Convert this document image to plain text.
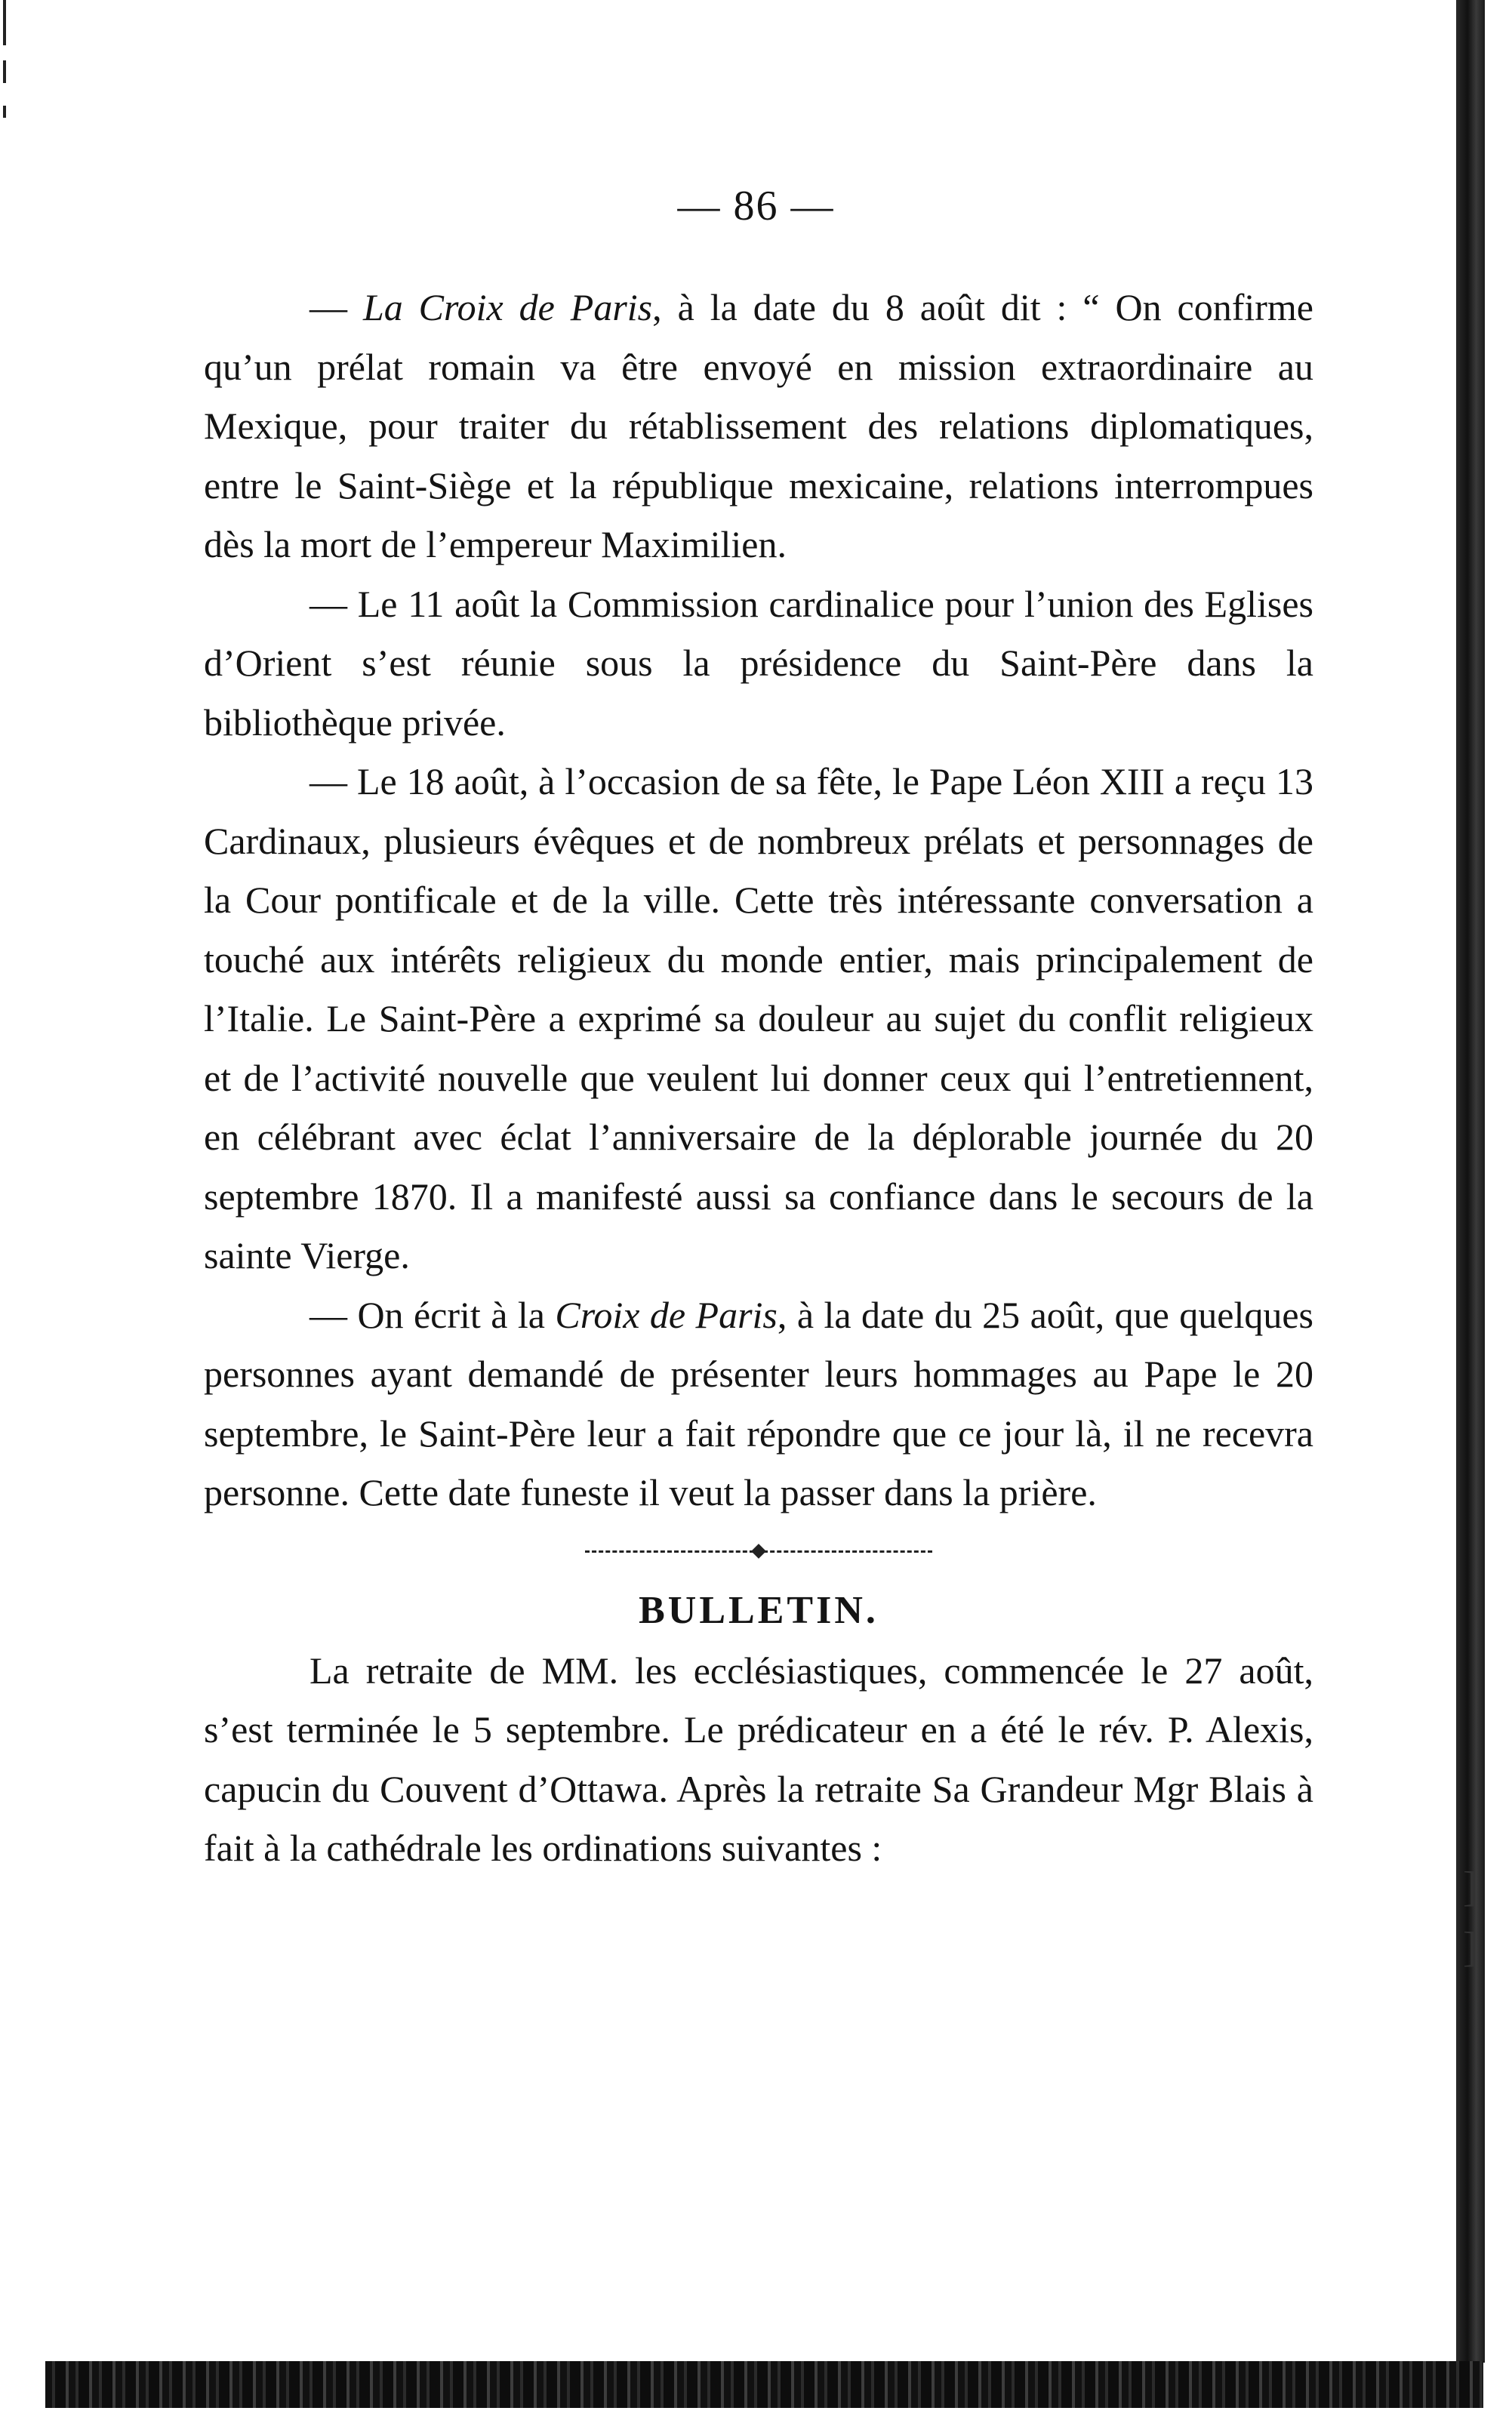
— 86 —

— La Croix de Paris, à la date du 8 août dit : “ On confirme qu’un prélat romain va être envoyé en mission extraordinaire au Mexique, pour traiter du rétablissement des relations diplomatiques, entre le Saint-Siège et la république mexicaine, relations interrompues dès la mort de l’empereur Maximilien.

— Le 11 août la Commission cardinalice pour l’union des Eglises d’Orient s’est réunie sous la présidence du Saint-Père dans la bibliothèque privée.

— Le 18 août, à l’occasion de sa fête, le Pape Léon XIII a reçu 13 Cardinaux, plusieurs évêques et de nombreux prélats et personnages de la Cour pontificale et de la ville. Cette très intéressante conversation a touché aux intérêts religieux du monde entier, mais principalement de l’Italie. Le Saint-Père a exprimé sa douleur au sujet du conflit religieux et de l’activité nouvelle que veulent lui donner ceux qui l’entretiennent, en célébrant avec éclat l’anniversaire de la déplorable journée du 20 septembre 1870. Il a manifesté aussi sa confiance dans le secours de la sainte Vierge.

— On écrit à la Croix de Paris, à la date du 25 août, que quelques personnes ayant demandé de présenter leurs hommages au Pape le 20 septembre, le Saint-Père leur a fait répondre que ce jour là, il ne recevra personne. Cette date funeste il veut la passer dans la prière.

BULLETIN.

La retraite de MM. les ecclésiastiques, commencée le 27 août, s’est terminée le 5 septembre. Le prédicateur en a été le rév. P. Alexis, capucin du Couvent d’Ottawa. Après la retraite Sa Grandeur Mgr Blais à fait à la cathédrale les ordinations suivantes :

]
]
